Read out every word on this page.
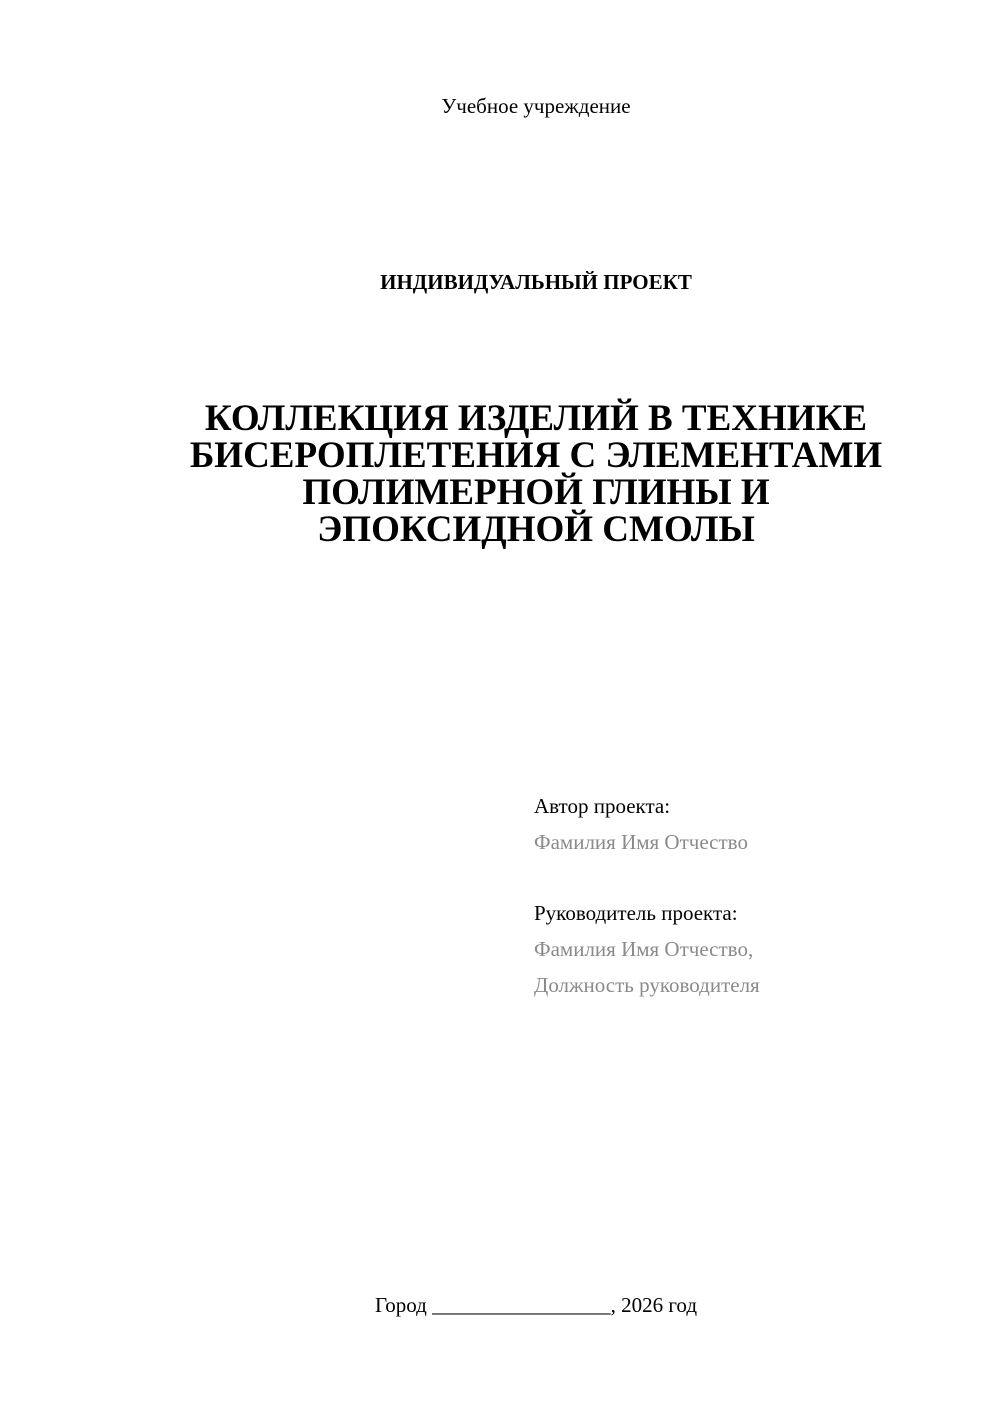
Учебное учреждение
ИНДИВИДУАЛЬНЫЙ ПРОЕКТ
КОЛЛЕКЦИЯ ИЗДЕЛИЙ В ТЕХНИКЕ
БИСЕРОПЛЕТЕНИЯ С ЭЛЕМЕНТАМИ
ПОЛИМЕРНОЙ ГЛИНЫ И
ЭПОКСИДНОЙ СМОЛЫ
Автор проекта:
Фамилия Имя Отчество
Руководитель проекта:
Фамилия Имя Отчество,
Должность руководителя
Город _________________, 2026 год
